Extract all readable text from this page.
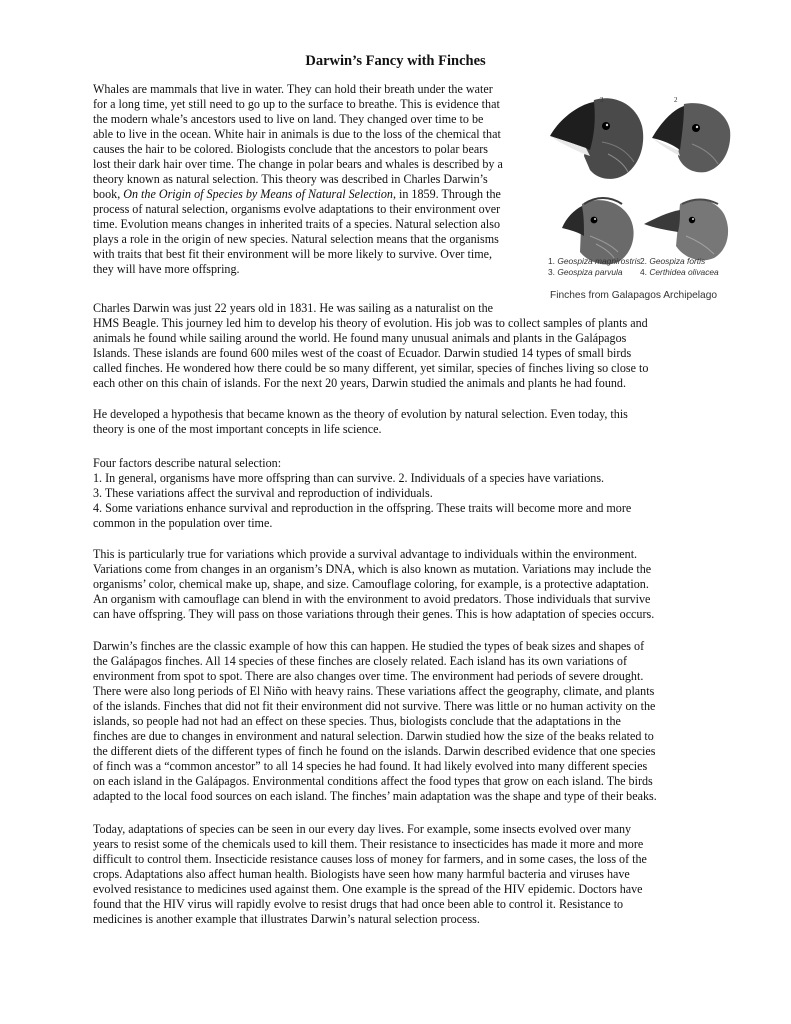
Darwin’s Fancy with Finches
Whales are mammals that live in water. They can hold their breath under the water
for a long time, yet still need to go up to the surface to breathe. This is evidence that
the modern whale’s ancestors used to live on land. They changed over time to be
able to live in the ocean. White hair in animals is due to the loss of the chemical that
causes the hair to be colored. Biologists conclude that the ancestors to polar bears
lost their dark hair over time. The change in polar bears and whales is described by a
theory known as natural selection. This theory was described in Charles Darwin’s
book, On the Origin of Species by Means of Natural Selection, in 1859. Through the
process of natural selection, organisms evolve adaptations to their environment over
time. Evolution means changes in inherited traits of a species. Natural selection also
plays a role in the origin of new species. Natural selection means that the organisms
with traits that best fit their environment will be more likely to survive. Over time,
they will have more offspring.
3	2
1. Geospiza magnirostris 2. Geospiza fortis
3. Geospiza parvula 4. Certhidea olivacea
Finches from Galapagos Archipelago
Charles Darwin was just 22 years old in 1831. He was sailing as a naturalist on the
HMS Beagle. This journey led him to develop his theory of evolution. His job was to collect samples of plants and
animals he found while sailing around the world. He found many unusual animals and plants in the Galápagos
Islands. These islands are found 600 miles west of the coast of Ecuador. Darwin studied 14 types of small birds
called finches. He wondered how there could be so many different, yet similar, species of finches living so close to
each other on this chain of islands. For the next 20 years, Darwin studied the animals and plants he had found.
He developed a hypothesis that became known as the theory of evolution by natural selection. Even today, this
theory is one of the most important concepts in life science.
Four factors describe natural selection:
1. In general, organisms have more offspring than can survive. 2. Individuals of a species have variations.
3. These variations affect the survival and reproduction of individuals.
4. Some variations enhance survival and reproduction in the offspring. These traits will become more and more
common in the population over time.
This is particularly true for variations which provide a survival advantage to individuals within the environment.
Variations come from changes in an organism’s DNA, which is also known as mutation. Variations may include the
organisms’ color, chemical make up, shape, and size. Camouflage coloring, for example, is a protective adaptation.
An organism with camouflage can blend in with the environment to avoid predators. Those individuals that survive
can have offspring. They will pass on those variations through their genes. This is how adaptation of species occurs.
Darwin’s finches are the classic example of how this can happen. He studied the types of beak sizes and shapes of
the Galápagos finches. All 14 species of these finches are closely related. Each island has its own variations of
environment from spot to spot. There are also changes over time. The environment had periods of severe drought.
There were also long periods of El Niño with heavy rains. These variations affect the geography, climate, and plants
of the islands. Finches that did not fit their environment did not survive. There was little or no human activity on the
islands, so people had not had an effect on these species. Thus, biologists conclude that the adaptations in the
finches are due to changes in environment and natural selection. Darwin studied how the size of the beaks related to
the different diets of the different types of finch he found on the islands. Darwin described evidence that one species
of finch was a “common ancestor” to all 14 species he had found. It had likely evolved into many different species
on each island in the Galápagos. Environmental conditions affect the food types that grow on each island. The birds
adapted to the local food sources on each island. The finches’ main adaptation was the shape and type of their beaks.
Today, adaptations of species can be seen in our every day lives. For example, some insects evolved over many
years to resist some of the chemicals used to kill them. Their resistance to insecticides has made it more and more
difficult to control them. Insecticide resistance causes loss of money for farmers, and in some cases, the loss of the
crops. Adaptations also affect human health. Biologists have seen how many harmful bacteria and viruses have
evolved resistance to medicines used against them. One example is the spread of the HIV epidemic. Doctors have
found that the HIV virus will rapidly evolve to resist drugs that had once been able to control it. Resistance to
medicines is another example that illustrates Darwin’s natural selection process.
